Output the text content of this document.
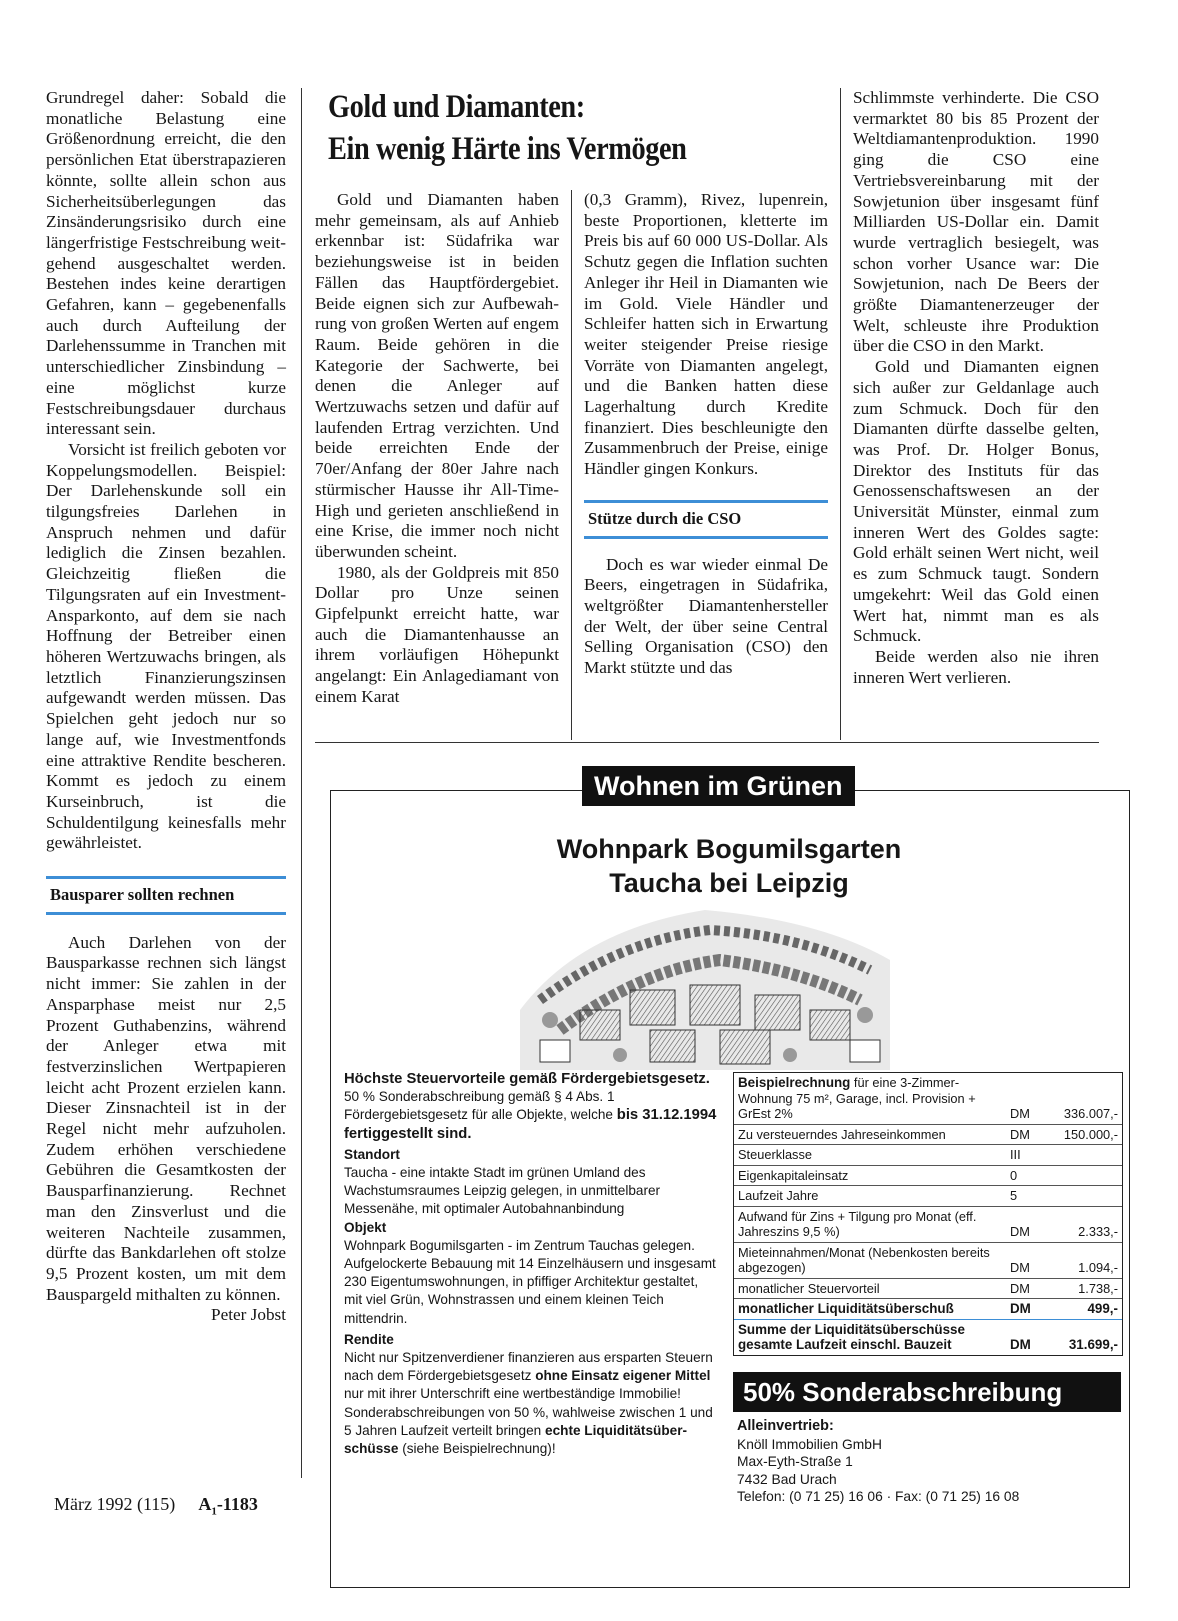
Grundregel daher: Sobald die monatliche Belastung eine Größenordnung erreicht, die den persönlichen Etat überstrapazieren könnte, sollte allein schon aus Sicherheitsüberlegungen das Zinsänderungsrisiko durch eine längerfristige Festschreibung weitgehend ausgeschaltet werden. Bestehen indes keine derartigen Gefahren, kann – gegebenenfalls auch durch Aufteilung der Darlehenssumme in Tranchen mit unterschiedlicher Zinsbindung – eine möglichst kurze Festschreibungsdauer durchaus interessant sein.

Vorsicht ist freilich geboten vor Koppelungsmodellen. Beispiel: Der Darlehenskunde soll ein tilgungsfreies Darlehen in Anspruch nehmen und dafür lediglich die Zinsen bezahlen. Gleichzeitig fließen die Tilgungsraten auf ein Investment-Ansparkonto, auf dem sie nach Hoffnung der Betreiber einen höheren Wertzuwachs bringen, als letztlich Finanzierungszinsen aufgewandt werden müssen. Das Spielchen geht jedoch nur so lange auf, wie Investmentfonds eine attraktive Rendite bescheren. Kommt es jedoch zu einem Kurseinbruch, ist die Schuldentilgung keinesfalls mehr gewährleistet.

Bausparer sollten rechnen

Auch Darlehen von der Bausparkasse rechnen sich längst nicht immer: Sie zahlen in der Ansparphase meist nur 2,5 Prozent Guthabenzins, während der Anleger etwa mit festverzinslichen Wertpapieren leicht acht Prozent erzielen kann. Dieser Zinsnachteil ist in der Regel nicht mehr aufzuholen. Zudem erhöhen verschiedene Gebühren die Gesamtkosten der Bausparfinanzierung. Rechnet man den Zinsverlust und die weiteren Nachteile zusammen, dürfte das Bankdarlehen oft stolze 9,5 Prozent kosten, um mit dem Bauspargeld mithalten zu können.

Peter Jobst

Gold und Diamanten:
Ein wenig Härte ins Vermögen

Gold und Diamanten haben mehr gemeinsam, als auf Anhieb erkennbar ist: Südafrika war beziehungsweise ist in beiden Fällen das Hauptfördergebiet. Beide eignen sich zur Aufbewahrung von großen Werten auf engem Raum. Beide gehören in die Kategorie der Sachwerte, bei denen die Anleger auf Wertzuwachs setzen und dafür auf laufenden Ertrag verzichten. Und beide erreichten Ende der 70er/Anfang der 80er Jahre nach stürmischer Hausse ihr All-Time-High und gerieten anschließend in eine Krise, die immer noch nicht überwunden scheint.

1980, als der Goldpreis mit 850 Dollar pro Unze seinen Gipfelpunkt erreicht hatte, war auch die Diamantenhausse an ihrem vorläufigen Höhepunkt angelangt: Ein Anlagediamant von einem Karat

(0,3 Gramm), Rivez, lupenrein, beste Proportionen, kletterte im Preis bis auf 60 000 US-Dollar. Als Schutz gegen die Inflation suchten Anleger ihr Heil in Diamanten wie im Gold. Viele Händler und Schleifer hatten sich in Erwartung weiter steigender Preise riesige Vorräte von Diamanten angelegt, und die Banken hatten diese Lagerhaltung durch Kredite finanziert. Dies beschleunigte den Zusammenbruch der Preise, einige Händler gingen Konkurs.

Stütze durch die CSO

Doch es war wieder einmal De Beers, eingetragen in Südafrika, weltgrößter Diamantenhersteller der Welt, der über seine Central Selling Organisation (CSO) den Markt stützte und das

Schlimmste verhinderte. Die CSO vermarktet 80 bis 85 Prozent der Weltdiamantenproduktion. 1990 ging die CSO eine Vertriebsvereinbarung mit der Sowjetunion über insgesamt fünf Milliarden US-Dollar ein. Damit wurde vertraglich besiegelt, was schon vorher Usance war: Die Sowjetunion, nach De Beers der größte Diamantenerzeuger der Welt, schleuste ihre Produktion über die CSO in den Markt.

Gold und Diamanten eignen sich außer zur Geldanlage auch zum Schmuck. Doch für den Diamanten dürfte dasselbe gelten, was Prof. Dr. Holger Bonus, Direktor des Instituts für das Genossenschaftswesen an der Universität Münster, einmal zum inneren Wert des Goldes sagte: Gold erhält seinen Wert nicht, weil es zum Schmuck taugt. Sondern umgekehrt: Weil das Gold einen Wert hat, nimmt man es als Schmuck.

Beide werden also nie ihren inneren Wert verlieren.

Wohnen im Grünen
Wohnpark Bogumilsgarten
Taucha bei Leipzig
Höchste Steuervorteile gemäß Fördergebietsgesetz.
50 % Sonderabschreibung gemäß § 4 Abs. 1 Fördergebietsgesetz für alle Objekte, welche bis 31.12.1994 fertiggestellt sind.
Standort
Taucha - eine intakte Stadt im grünen Umland des Wachstumsraumes Leipzig gelegen, in unmittelbarer Messenähe, mit optimaler Autobahnanbindung
Objekt
Wohnpark Bogumilsgarten - im Zentrum Tauchas gelegen. Aufgelockerte Bebauung mit 14 Einzelhäusern und insgesamt 230 Eigentumswohnungen, in pfiffiger Architektur gestaltet, mit viel Grün, Wohnstrassen und einem kleinen Teich mittendrin.
Rendite
Nicht nur Spitzenverdiener finanzieren aus ersparten Steuern nach dem Fördergebietsgesetz ohne Einsatz eigener Mittel nur mit ihrer Unterschrift eine wertbeständige Immobilie! Sonderabschreibungen von 50 %, wahlweise zwischen 1 und 5 Jahren Laufzeit verteilt bringen echte Liquiditätsüberschüsse (siehe Beispielrechnung)!
Beispielrechnung für eine 3-Zimmer-Wohnung 75 m², Garage, incl. Provision + GrEst 2%	DM	336.007,-
Zu versteuerndes Jahreseinkommen	DM	150.000,-
Steuerklasse	III
Eigenkapitaleinsatz	0
Laufzeit Jahre	5
Aufwand für Zins + Tilgung pro Monat (eff. Jahreszins 9,5 %)	DM	2.333,-
Mieteinnahmen/Monat (Nebenkosten bereits abgezogen)	DM	1.094,-
monatlicher Steuervorteil	DM	1.738,-
monatlicher Liquiditätsüberschuß	DM	499,-
Summe der Liquiditätsüberschüsse gesamte Laufzeit einschl. Bauzeit	DM	31.699,-
50% Sonderabschreibung
Alleinvertrieb:
Knöll Immobilien GmbH
Max-Eyth-Straße 1
7432 Bad Urach
Telefon: (0 71 25) 16 06 · Fax: (0 71 25) 16 08
März 1992 (115) $A_1-1183$
